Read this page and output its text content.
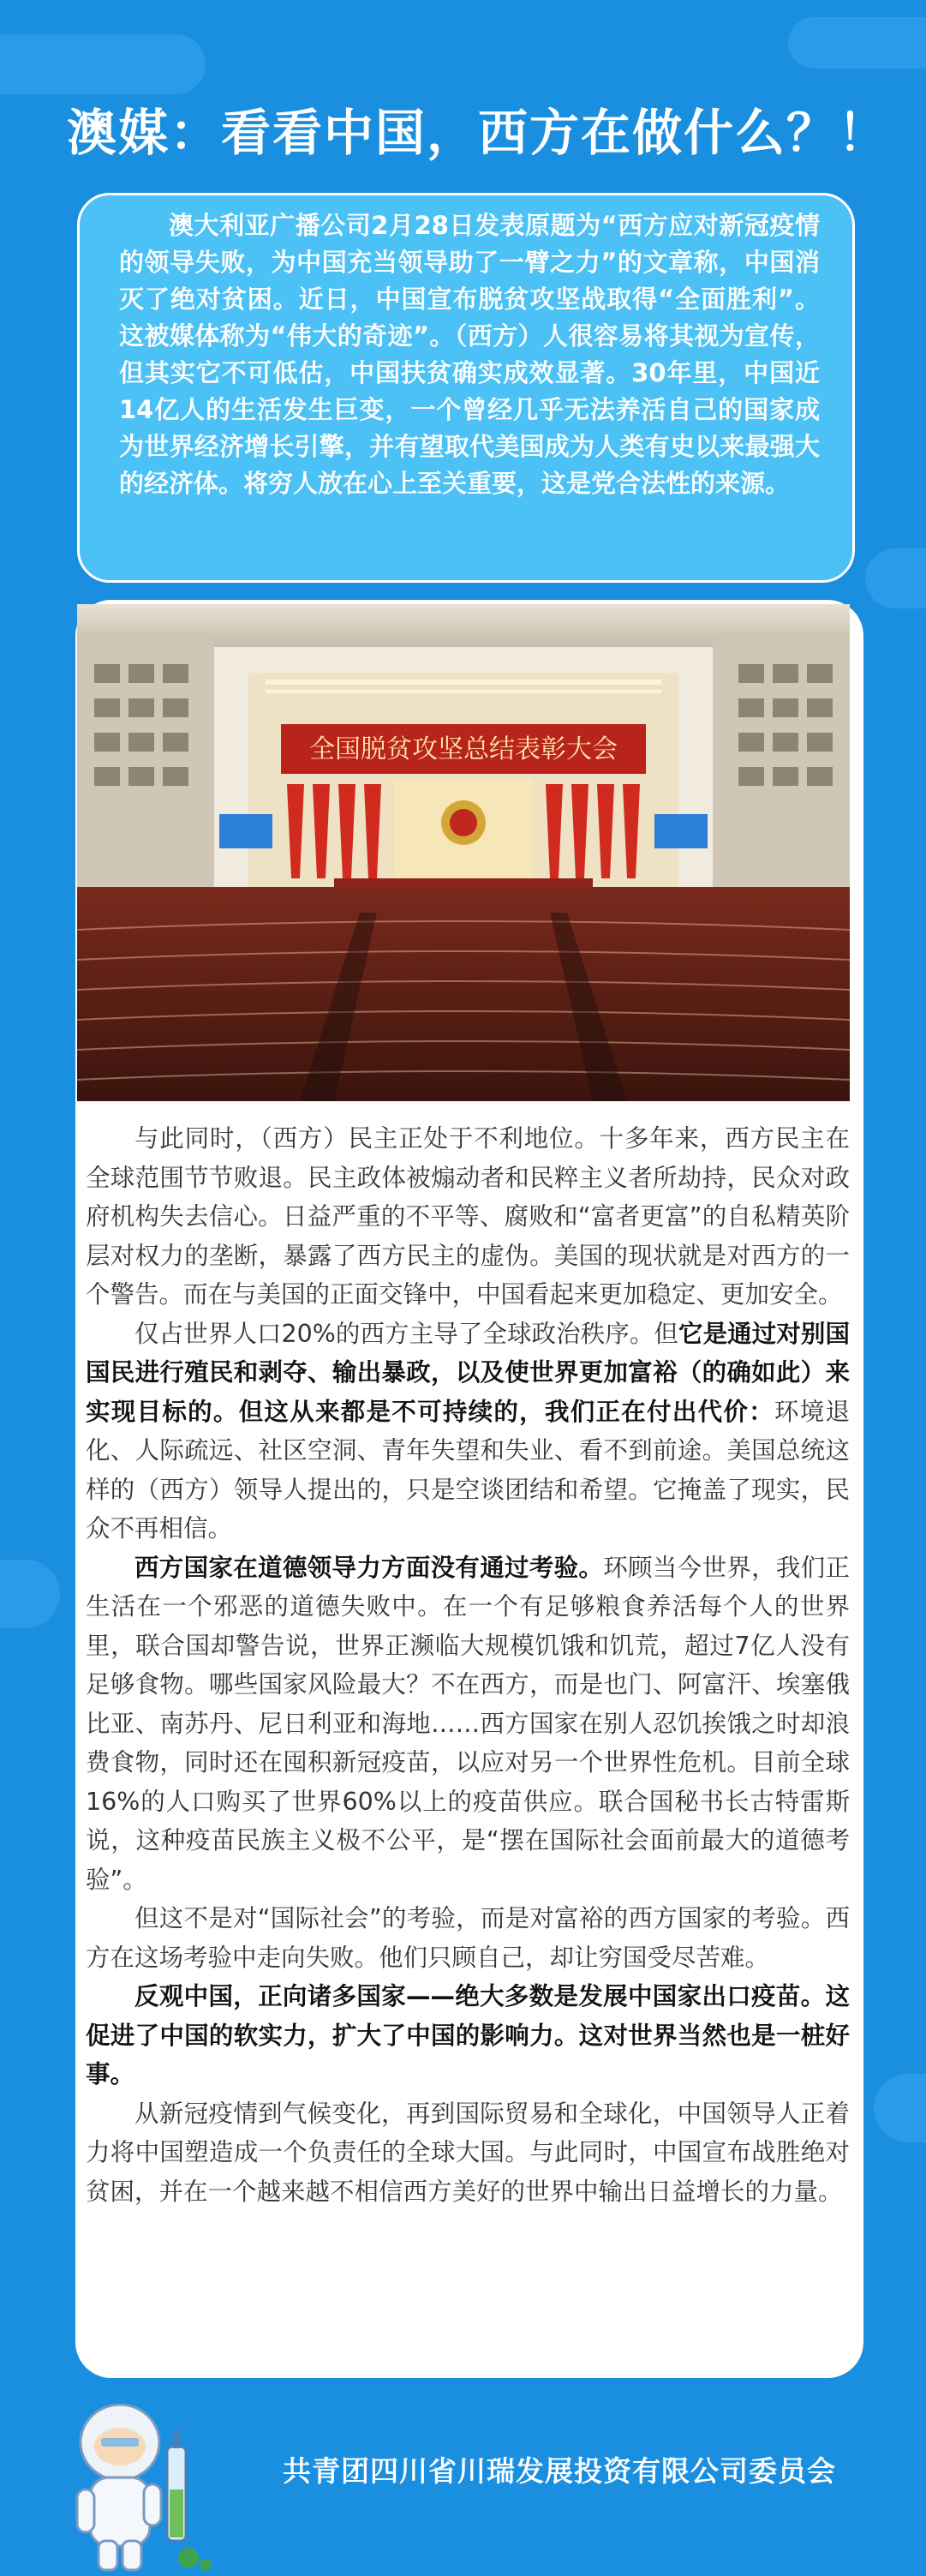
澳媒：看看中国，西方在做什么？！

澳大利亚广播公司2月28日发表原题为“西方应对新冠疫情的领导失败，为中国充当领导助了一臂之力”的文章称，中国消灭了绝对贫困。近日，中国宣布脱贫攻坚战取得“全面胜利”。这被媒体称为“伟大的奇迹”。（西方）人很容易将其视为宣传，但其实它不可低估，中国扶贫确实成效显著。30年里，中国近14亿人的生活发生巨变，一个曾经几乎无法养活自己的国家成为世界经济增长引擎，并有望取代美国成为人类有史以来最强大的经济体。将穷人放在心上至关重要，这是党合法性的来源。

全国脱贫攻坚总结表彰大会

与此同时，（西方）民主正处于不利地位。十多年来，西方民主在全球范围节节败退。民主政体被煽动者和民粹主义者所劫持，民众对政府机构失去信心。日益严重的不平等、腐败和“富者更富”的自私精英阶层对权力的垄断，暴露了西方民主的虚伪。美国的现状就是对西方的一个警告。而在与美国的正面交锋中，中国看起来更加稳定、更加安全。

仅占世界人口20%的西方主导了全球政治秩序。但它是通过对别国国民进行殖民和剥夺、输出暴政，以及使世界更加富裕（的确如此）来实现目标的。但这从来都是不可持续的，我们正在付出代价：环境退化、人际疏远、社区空洞、青年失望和失业、看不到前途。美国总统这样的（西方）领导人提出的，只是空谈团结和希望。它掩盖了现实，民众不再相信。

西方国家在道德领导力方面没有通过考验。环顾当今世界，我们正生活在一个邪恶的道德失败中。在一个有足够粮食养活每个人的世界里，联合国却警告说，世界正濒临大规模饥饿和饥荒，超过7亿人没有足够食物。哪些国家风险最大？不在西方，而是也门、阿富汗、埃塞俄比亚、南苏丹、尼日利亚和海地……西方国家在别人忍饥挨饿之时却浪费食物，同时还在囤积新冠疫苗，以应对另一个世界性危机。目前全球16%的人口购买了世界60%以上的疫苗供应。联合国秘书长古特雷斯说，这种疫苗民族主义极不公平，是“摆在国际社会面前最大的道德考验”。

但这不是对“国际社会”的考验，而是对富裕的西方国家的考验。西方在这场考验中走向失败。他们只顾自己，却让穷国受尽苦难。

反观中国，正向诸多国家——绝大多数是发展中国家出口疫苗。这促进了中国的软实力，扩大了中国的影响力。这对世界当然也是一桩好事。

从新冠疫情到气候变化，再到国际贸易和全球化，中国领导人正着力将中国塑造成一个负责任的全球大国。与此同时，中国宣布战胜绝对贫困，并在一个越来越不相信西方美好的世界中输出日益增长的力量。

共青团四川省川瑞发展投资有限公司委员会
